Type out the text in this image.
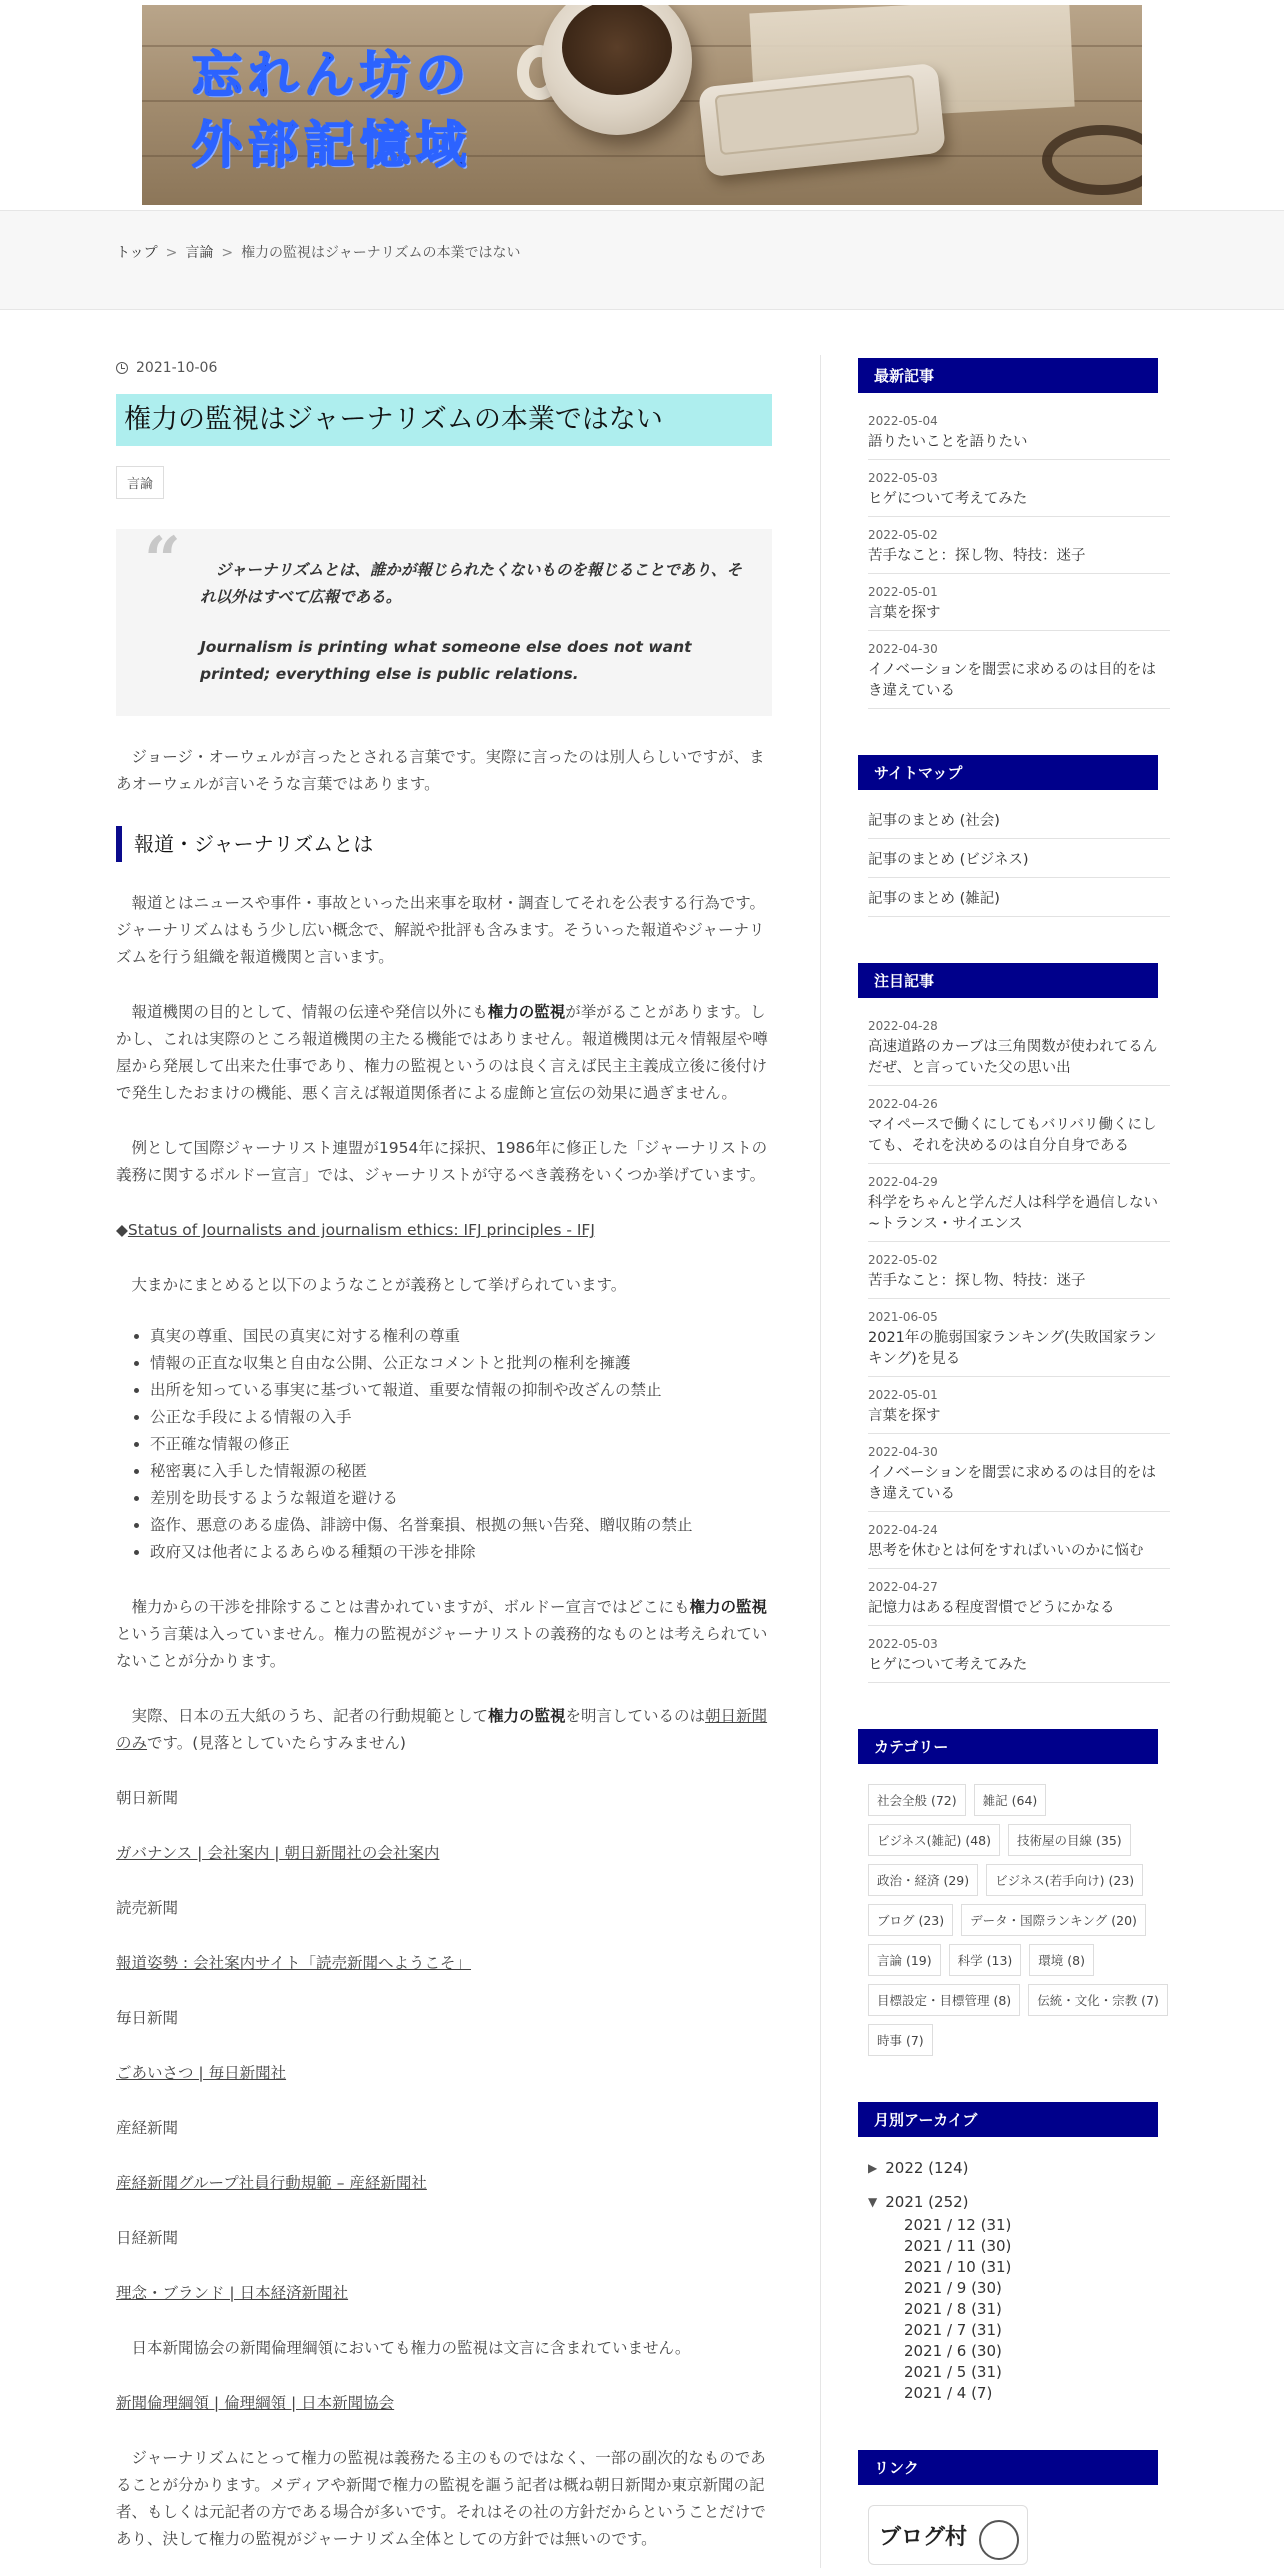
忘れん坊の
外部記憶域
トップ > 言論 > 権力の監視はジャーナリズムの本業ではない
2021-10-06
権力の監視はジャーナリズムの本業ではない
言論
“	ジャーナリズムとは、誰かが報じられたくないものを報じることであり、それ以外はすべて広報である。

Journalism is printing what someone else does not want printed; everything else is public relations.

ジョージ・オーウェルが言ったとされる言葉です。実際に言ったのは別人らしいですが、まあオーウェルが言いそうな言葉ではあります。

報道・ジャーナリズムとは

報道とはニュースや事件・事故といった出来事を取材・調査してそれを公表する行為です。ジャーナリズムはもう少し広い概念で、解説や批評も含みます。そういった報道やジャーナリズムを行う組織を報道機関と言います。

報道機関の目的として、情報の伝達や発信以外にも権力の監視が挙がることがあります。しかし、これは実際のところ報道機関の主たる機能ではありません。報道機関は元々情報屋や噂屋から発展して出来た仕事であり、権力の監視というのは良く言えば民主主義成立後に後付けで発生したおまけの機能、悪く言えば報道関係者による虚飾と宣伝の効果に過ぎません。

例として国際ジャーナリスト連盟が1954年に採択、1986年に修正した「ジャーナリストの義務に関するボルドー宣言」では、ジャーナリストが守るべき義務をいくつか挙げています。

◆Status of Journalists and journalism ethics: IFJ principles - IFJ

大まかにまとめると以下のようなことが義務として挙げられています。

• 真実の尊重、国民の真実に対する権利の尊重
• 情報の正直な収集と自由な公開、公正なコメントと批判の権利を擁護
• 出所を知っている事実に基づいて報道、重要な情報の抑制や改ざんの禁止
• 公正な手段による情報の入手
• 不正確な情報の修正
• 秘密裏に入手した情報源の秘匿
• 差別を助長するような報道を避ける
• 盗作、悪意のある虚偽、誹謗中傷、名誉棄損、根拠の無い告発、贈収賄の禁止
• 政府又は他者によるあらゆる種類の干渉を排除

権力からの干渉を排除することは書かれていますが、ボルドー宣言ではどこにも権力の監視という言葉は入っていません。権力の監視がジャーナリストの義務的なものとは考えられていないことが分かります。

実際、日本の五大紙のうち、記者の行動規範として権力の監視を明言しているのは朝日新聞のみです。(見落としていたらすみません)

朝日新聞

ガバナンス | 会社案内 | 朝日新聞社の会社案内

読売新聞

報道姿勢 : 会社案内サイト「読売新聞へようこそ」

毎日新聞

ごあいさつ | 毎日新聞社

産経新聞

産経新聞グループ社員行動規範 – 産経新聞社

日経新聞

理念・ブランド | 日本経済新聞社

日本新聞協会の新聞倫理綱領においても権力の監視は文言に含まれていません。

新聞倫理綱領 | 倫理綱領 | 日本新聞協会

ジャーナリズムにとって権力の監視は義務たる主のものではなく、一部の副次的なものであることが分かります。メディアや新聞で権力の監視を謳う記者は概ね朝日新聞か東京新聞の記者、もしくは元記者の方である場合が多いです。それはその社の方針だからということだけであり、決して権力の監視がジャーナリズム全体としての方針では無いのです。

最新記事
2022-05-04
語りたいことを語りたい
2022-05-03
ヒゲについて考えてみた
2022-05-02
苦手なこと：探し物、特技：迷子
2022-05-01
言葉を探す
2022-04-30
イノベーションを闇雲に求めるのは目的をはき違えている
サイトマップ
記事のまとめ (社会)
記事のまとめ (ビジネス)
記事のまとめ (雑記)
注目記事
2022-04-28
高速道路のカーブは三角関数が使われてるんだぜ、と言っていた父の思い出
2022-04-26
マイペースで働くにしてもバリバリ働くにしても、それを決めるのは自分自身である
2022-04-29
科学をちゃんと学んだ人は科学を過信しない ~トランス・サイエンス
2022-05-02
苦手なこと：探し物、特技：迷子
2021-06-05
2021年の脆弱国家ランキング(失敗国家ランキング)を見る
2022-05-01
言葉を探す
2022-04-30
イノベーションを闇雲に求めるのは目的をはき違えている
2022-04-24
思考を休むとは何をすればいいのかに悩む
2022-04-27
記憶力はある程度習慣でどうにかなる
2022-05-03
ヒゲについて考えてみた
カテゴリー
社会全般 (72)	雑記 (64)
ビジネス(雑記) (48)	技術屋の目線 (35)
政治・経済 (29)	ビジネス(若手向け) (23)
ブログ (23)	データ・国際ランキング (20)
言論 (19)	科学 (13)	環境 (8)
目標設定・目標管理 (8)	伝統・文化・宗教 (7)
時事 (7)
月別アーカイブ
▶ 2022 (124)
▼ 2021 (252)
2021 / 12 (31)
2021 / 11 (30)
2021 / 10 (31)
2021 / 9 (30)
2021 / 8 (31)
2021 / 7 (31)
2021 / 6 (30)
2021 / 5 (31)
2021 / 4 (7)
リンク
ブログ村
